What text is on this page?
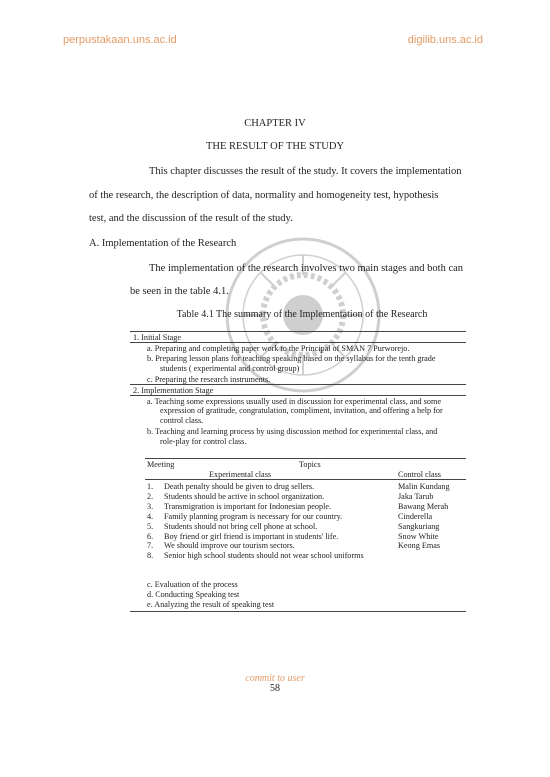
perpustakaan.uns.ac.id	digilib.uns.ac.id
CHAPTER IV
THE RESULT OF THE STUDY
This chapter discusses the result of the study. It covers the implementation
of the research, the description of data, normality and homogeneity test, hypothesis
test, and the discussion of the result of the study.
A. Implementation of the Research
The implementation of the research involves two main stages and both can
be seen in the table 4.1.
Table 4.1 The summary of the Implementation of the Research
1. Initial Stage
a. Preparing and completing paper work to the Principal of SMAN 7 Purworejo.
b. Preparing lesson plans for teaching speaking based on the syllabus for the tenth grade
students ( experimental and control group)
c. Preparing the research instruments.
2. Implementation Stage
a. Teaching some expressions usually used in discussion for experimental class, and some
expression of gratitude, congratulation, compliment, invitation, and offering a help for
control class.
b. Teaching and learning process by using discussion method for experimental class, and
role-play for control class.
Meeting	Topics
Experimental class	Control class
1. Death penalty should be given to drug sellers.	Malin Kundang
2. Students should be active in school organization.	Jaka Tarub
3. Transmigration is important for Indonesian people.	Bawang Merah
4. Family planning program is necessary for our country.	Cinderella
5. Students should not bring cell phone at school.	Sangkuriang
6. Boy friend or girl friend is important in students' life.	Snow White
7. We should improve our tourism sectors.	Keong Emas
8. Senior high school students should not wear school uniforms
c. Evaluation of the process
d. Conducting Speaking test
e. Analyzing the result of speaking test
commit to user
58
